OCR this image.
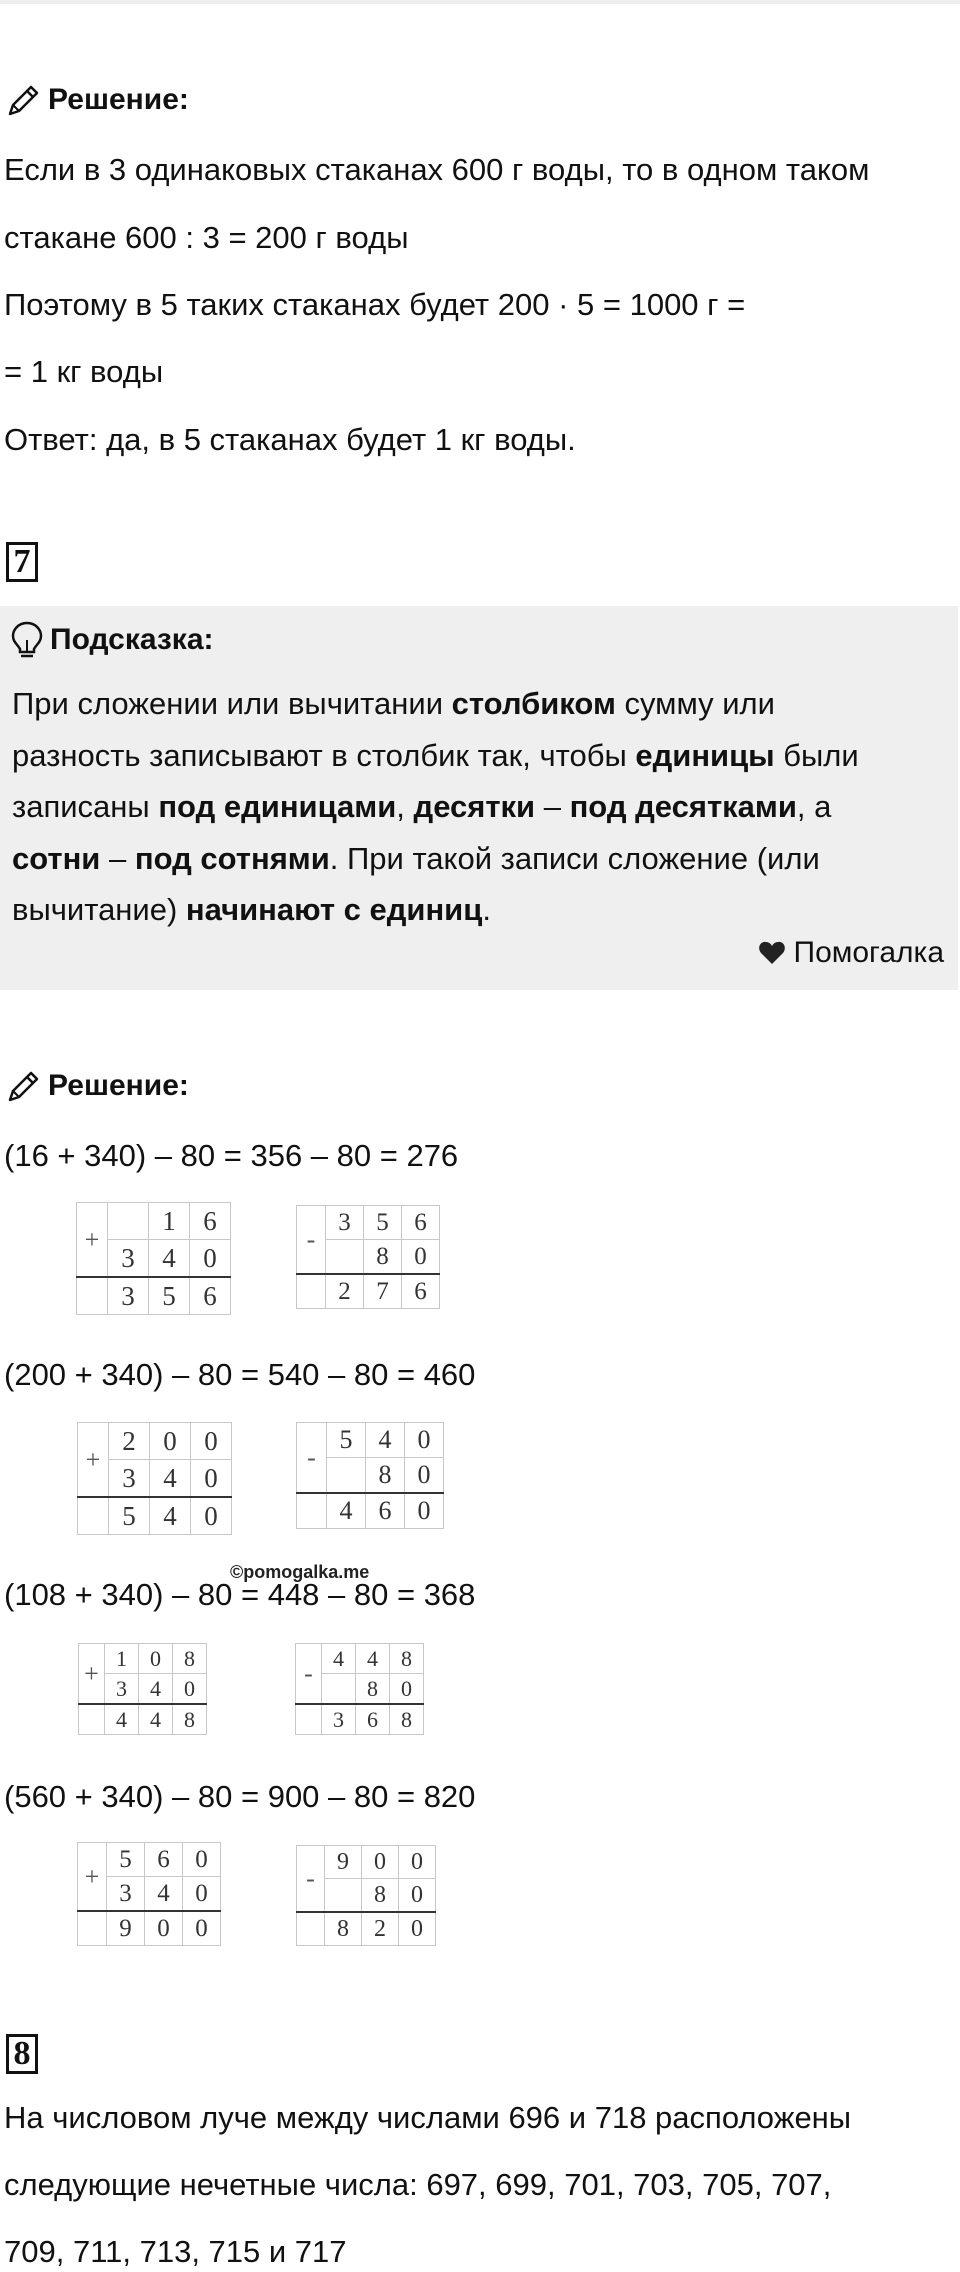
Решение:
Если в 3 одинаковых стаканах 600 г воды, то в одном таком
стакане 600 : 3 = 200 г воды
Поэтому в 5 таких стаканах будет 200 · 5 = 1000 г =
= 1 кг воды
Ответ: да, в 5 стаканах будет 1 кг воды.
7
Подсказка:
При сложении или вычитании столбиком сумму или
разность записывают в столбик так, чтобы единицы были
записаны под единицами, десятки – под десятками, а
сотни – под сотнями. При такой записи сложение (или
вычитание) начинают с единиц.
Помогалка
Решение:
(16 + 340) – 80 = 356 – 80 = 276
+		1	6
	3	4	0
	3	5	6
-	3	5	6
		8	0
	2	7	6
(200 + 340) – 80 = 540 – 80 = 460
+	2	0	0
	3	4	0
	5	4	0
-	5	4	0
		8	0
	4	6	0
©pomogalka.me
(108 + 340) – 80 = 448 – 80 = 368
+	1	0	8
	3	4	0
	4	4	8
-	4	4	8
		8	0
	3	6	8
(560 + 340) – 80 = 900 – 80 = 820
+	5	6	0
	3	4	0
	9	0	0
-	9	0	0
		8	0
	8	2	0
8
На числовом луче между числами 696 и 718 расположены
следующие нечетные числа: 697, 699, 701, 703, 705, 707,
709, 711, 713, 715 и 717
